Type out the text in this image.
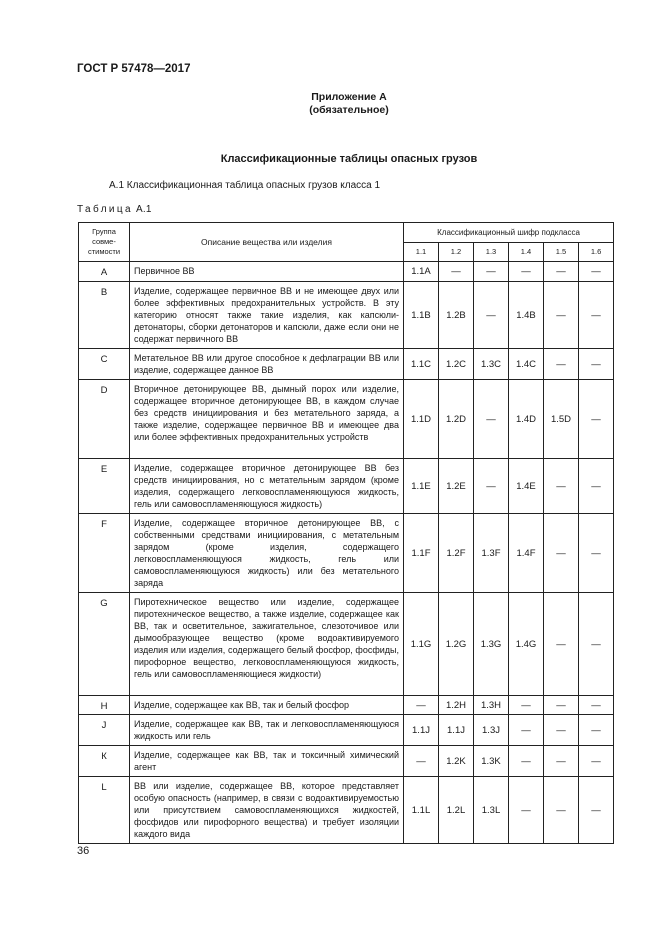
ГОСТ Р 57478—2017
Приложение А
(обязательное)
Классификационные таблицы опасных грузов
А.1 Классификационная таблица опасных грузов класса 1
Таблица А.1
Группа
совме-
стимости	Описание вещества или изделия	Классификационный шифр подкласса					
		1.1	1.2	1.3	1.4	1.5	1.6
A	Первичное ВВ	1.1A	—	—	—	—	—
B	Изделие, содержащее первичное ВВ и не имеющее двух или более эффективных предохранительных устройств. В эту категорию относят также такие изделия, как капсюли-детонаторы, сборки детонаторов и капсюли, даже если они не содержат первичного ВВ	1.1B	1.2B	—	1.4B	—	—
C	Метательное ВВ или другое способное к дефлаграции ВВ или изделие, содержащее данное ВВ	1.1C	1.2C	1.3C	1.4C	—	—
D	Вторичное детонирующее ВВ, дымный порох или изделие, содержащее вторичное детонирующее ВВ, в каждом случае без средств инициирования и без метательного заряда, а также изделие, содержащее первичное ВВ и имеющее два или более эффективных предохранительных устройств	1.1D	1.2D	—	1.4D	1.5D	—
E	Изделие, содержащее вторичное детонирующее ВВ без средств инициирования, но с метательным зарядом (кроме изделия, содержащего легковоспламеняющуюся жидкость, гель или самовоспламеняющуюся жидкость)	1.1E	1.2E	—	1.4E	—	—
F	Изделие, содержащее вторичное детонирующее ВВ, с собственными средствами инициирования, с метательным зарядом (кроме изделия, содержащего легковоспламеняющуюся жидкость, гель или самовоспламеняющуюся жидкость) или без метательного заряда	1.1F	1.2F	1.3F	1.4F	—	—
G	Пиротехническое вещество или изделие, содержащее пиротехническое вещество, а также изделие, содержащее как ВВ, так и осветительное, зажигательное, слезоточивое или дымообразующее вещество (кроме водоактивируемого изделия или изделия, содержащего белый фосфор, фосфиды, пирофорное вещество, легковоспламеняющуюся жидкость, гель или самовоспламеняющиеся жидкости)	1.1G	1.2G	1.3G	1.4G	—	—
H	Изделие, содержащее как ВВ, так и белый фосфор	—	1.2H	1.3H	—	—	—
J	Изделие, содержащее как ВВ, так и легковоспламеняющуюся жидкость или гель	1.1J	1.1J	1.3J	—	—	—
К	Изделие, содержащее как ВВ, так и токсичный химический агент	—	1.2K	1.3K	—	—	—
L	ВВ или изделие, содержащее ВВ, которое представляет особую опасность (например, в связи с водоактивируемостью или присутствием самовоспламеняющихся жидкостей, фосфидов или пирофорного вещества) и требует изоляции каждого вида	1.1L	1.2L	1.3L	—	—	—
36
